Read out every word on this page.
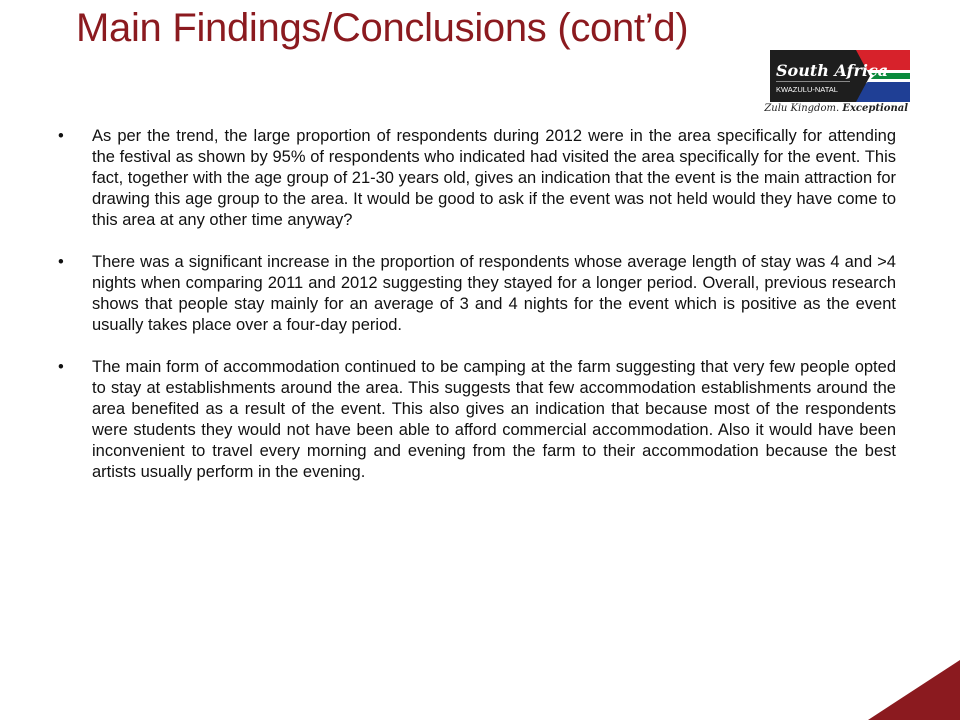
Main Findings/Conclusions (cont’d)
South Africa
KWAZULU-NATAL
Zulu Kingdom. Exceptional
• As per the trend, the large proportion of respondents during 2012 were in the area specifically for attending the festival as shown by 95% of respondents who indicated had visited the area specifically for the event. This fact, together with the age group of 21-30 years old, gives an indication that the event is the main attraction for drawing this age group to the area. It would be good to ask if the event was not held would they have come to this area at any other time anyway?
• There was a significant increase in the proportion of respondents whose average length of stay was 4 and >4 nights when comparing 2011 and 2012 suggesting they stayed for a longer period. Overall, previous research shows that people stay mainly for an average of 3 and 4 nights for the event which is positive as the event usually takes place over a four-day period.
• The main form of accommodation continued to be camping at the farm suggesting that very few people opted to stay at establishments around the area. This suggests that few accommodation establishments around the area benefited as a result of the event. This also gives an indication that because most of the respondents were students they would not have been able to afford commercial accommodation. Also it would have been inconvenient to travel every morning and evening from the farm to their accommodation because the best artists usually perform in the evening.
